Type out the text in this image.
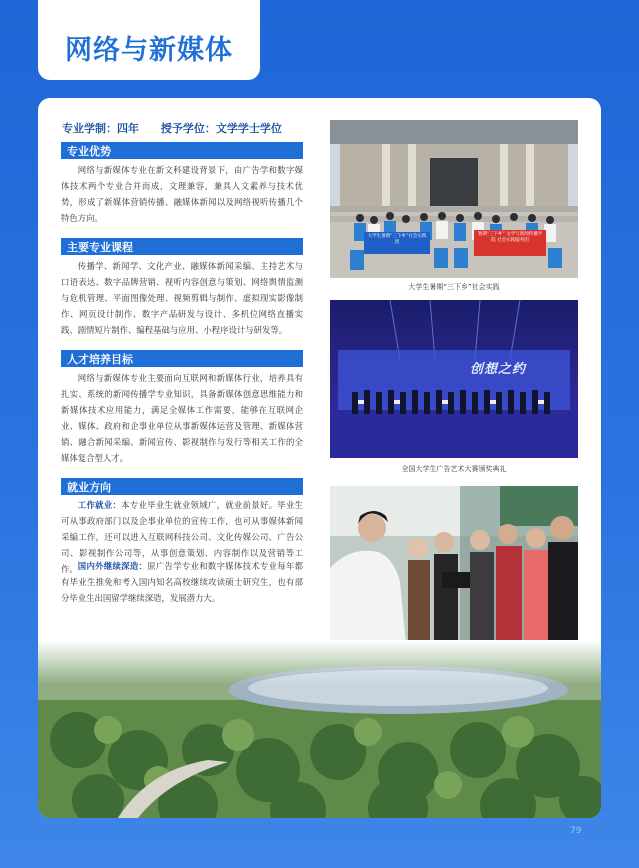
网络与新媒体
专业学制：四年 授予学位：文学学士学位
专业优势

网络与新媒体专业在新文科建设背景下，由广告学和数字媒体技术两个专业合并而成，文理兼容，兼具人文素养与技术优势，形成了新媒体营销传播、融媒体新闻以及网络视听传播几个特色方向。

主要专业课程

传播学、新闻学、文化产业、融媒体新闻采编、主持艺术与口语表达、数字品牌营销、视听内容创意与策划、网络舆情监测与危机管理、平面图像处理、视频剪辑与制作、虚拟现实影像制作、网页设计制作、数字产品研发与设计、多机位网络直播实践、剧情短片制作、编程基础与应用、小程序设计与研发等。

人才培养目标

网络与新媒体专业主要面向互联网和新媒体行业，培养具有扎实、系统的新闻传播学专业知识，具备新媒体创意思维能力和新媒体技术应用能力，满足全媒体工作需要，能够在互联网企业、媒体、政府和企事业单位从事新媒体运营及管理、新媒体营销、融合新闻采编、新闻宣传、影视制作与发行等相关工作的全媒体复合型人才。

就业方向

工作就业：本专业毕业生就业领域广，就业前景好。毕业生可从事政府部门以及企事业单位的宣传工作，也可从事媒体新闻采编工作，还可以进入互联网科技公司、文化传媒公司、广告公司、影视制作公司等，从事创意策划、内容制作以及营销等工作。 国内外继续深造：原广告学专业和数字媒体技术专业每年都有毕业生推免和考入国内知名高校继续攻读硕士研究生，也有部分毕业生出国留学继续深造，发展潜力大。

大学生暑期“三下乡”社会实践团
暑期“三下乡” 文学与新闻传播学院 社会实践服务团
大学生暑期“三下乡”社会实践
创想之约
全国大学生广告艺术大赛颁奖典礼
79
